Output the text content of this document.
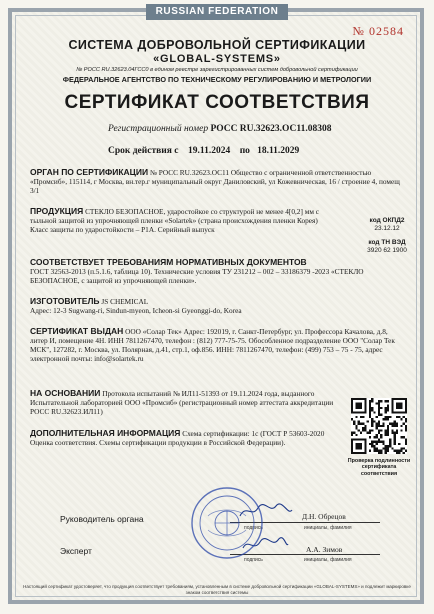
RUSSIAN FEDERATION
№ 02584
СИСТЕМА ДОБРОВОЛЬНОЙ СЕРТИФИКАЦИИ
«GLOBAL-SYSTEMS»
№ РОСС RU.32623.04ГСС0 в едином реестре зарегистрированных систем добровольной сертификации
ФЕДЕРАЛЬНОЕ АГЕНТСТВО ПО ТЕХНИЧЕСКОМУ РЕГУЛИРОВАНИЮ И МЕТРОЛОГИИ
СЕРТИФИКАТ СООТВЕТСТВИЯ
Регистрационный номер РОСС RU.32623.ОС11.08308
Срок действия с 19.11.2024 по 18.11.2029
ОРГАН ПО СЕРТИФИКАЦИИ № РОСС RU.32623.ОС11 Общество с ограниченной ответственностью «Промсиб», 115114, г Москва, вн.тер.г муниципальный округ Даниловский, ул Кожевническая, 16 / строение 4, помещ 3/1
ПРОДУКЦИЯ СТЕКЛО БЕЗОПАСНОЕ, ударостойкое со структурой не менее 4[0,2] мм с тыльной защитой из упрочняющей пленки «Solartek» (страна происхождения пленки Корея)
Класс защиты по ударостойкости – Р1А. Серийный выпуск
код ОКПД2
23.12.12
код ТН ВЭД
3920 62 1900
СООТВЕТСТВУЕТ ТРЕБОВАНИЯМ НОРМАТИВНЫХ ДОКУМЕНТОВ
ГОСТ 32563-2013 (п.5.1.6, таблица 10). Технические условия ТУ 231212 – 002 – 33186379 -2023 «СТЕКЛО БЕЗОПАСНОЕ, с защитой из упрочняющей пленки».
ИЗГОТОВИТЕЛЬ JS CHEMICAL
Адрес: 12-3 Sugwang-ri, Sindun-myeon, Icheon-si Gyeonggi-do, Korea
СЕРТИФИКАТ ВЫДАН ООО «Солар Тек» Адрес: 192019, г. Санкт-Петербург, ул. Профессора Качалова, д.8, литер И, помещение 4Н. ИНН 7811267470, телефон : (812) 777-75-75. Обособленное подразделение ООО "Солар Тек МСК", 127282, г. Москва, ул. Полярная, д.41, стр.1, оф.856. ИНН: 7811267470, телефон: (499) 753 – 75 - 75, адрес электронной почты: info@solartek.ru
НА ОСНОВАНИИ Протокола испытаний № ИЛ11-51393 от 19.11.2024 года, выданного Испытательной лабораторией ООО «Промсиб» (регистрационный номер аттестата аккредитации РОСС RU.32623.ИЛ11)
ДОПОЛНИТЕЛЬНАЯ ИНФОРМАЦИЯ Схема сертификации: 1с (ГОСТ Р 53603-2020 Оценка соответствия. Схемы сертификации продукции в Российской Федерации).
Проверка подлинности сертификата соответствия
Руководитель органа	Д.Н. Обрецов
подпись	инициалы, фамилия
Эксперт	А.А. Зимов
подпись	инициалы, фамилия
Настоящий сертификат удостоверяет, что продукция соответствует требованиям, установленным в системе добровольной сертификации «GLOBAL-SYSTEMS» и подлежит маркировке знаком соответствия системы
